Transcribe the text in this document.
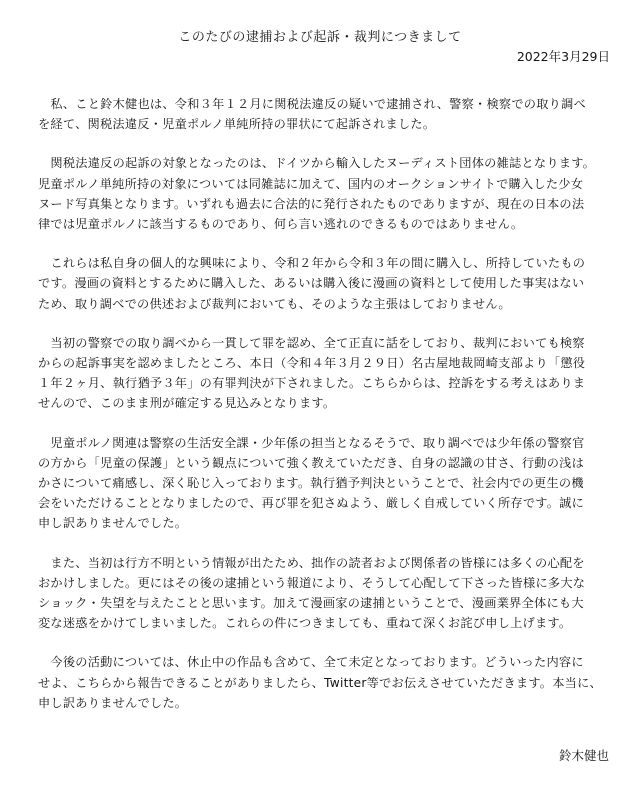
このたびの逮捕および起訴・裁判につきまして
2022年3月29日
　私、こと鈴木健也は、令和３年１２月に関税法違反の疑いで逮捕され、警察・検察での取り調べ
を経て、関税法違反・児童ポルノ単純所持の罪状にて起訴されました。
　関税法違反の起訴の対象となったのは、ドイツから輸入したヌーディスト団体の雑誌となります。
児童ポルノ単純所持の対象については同雑誌に加えて、国内のオークションサイトで購入した少女
ヌード写真集となります。いずれも過去に合法的に発行されたものでありますが、現在の日本の法
律では児童ポルノに該当するものであり、何ら言い逃れのできるものではありません。
　これらは私自身の個人的な興味により、令和２年から令和３年の間に購入し、所持していたもの
です。漫画の資料とするために購入した、あるいは購入後に漫画の資料として使用した事実はない
ため、取り調べでの供述および裁判においても、そのような主張はしておりません。
　当初の警察での取り調べから一貫して罪を認め、全て正直に話をしており、裁判においても検察
からの起訴事実を認めましたところ、本日（令和４年３月２９日）名古屋地裁岡崎支部より「懲役
１年２ヶ月、執行猶予３年」の有罪判決が下されました。こちらからは、控訴をする考えはありま
せんので、このまま刑が確定する見込みとなります。
　児童ポルノ関連は警察の生活安全課・少年係の担当となるそうで、取り調べでは少年係の警察官
の方から「児童の保護」という観点について強く教えていただき、自身の認識の甘さ、行動の浅は
かさについて痛感し、深く恥じ入っております。執行猶予判決ということで、社会内での更生の機
会をいただけることとなりましたので、再び罪を犯さぬよう、厳しく自戒していく所存です。誠に
申し訳ありませんでした。
　また、当初は行方不明という情報が出たため、拙作の読者および関係者の皆様には多くの心配を
おかけしました。更にはその後の逮捕という報道により、そうして心配して下さった皆様に多大な
ショック・失望を与えたことと思います。加えて漫画家の逮捕ということで、漫画業界全体にも大
変な迷惑をかけてしまいました。これらの件につきましても、重ねて深くお詫び申し上げます。
　今後の活動については、休止中の作品も含めて、全て未定となっております。どういった内容に
せよ、こちらから報告できることがありましたら、Twitter等でお伝えさせていただきます。本当に、
申し訳ありませんでした。
鈴木健也
